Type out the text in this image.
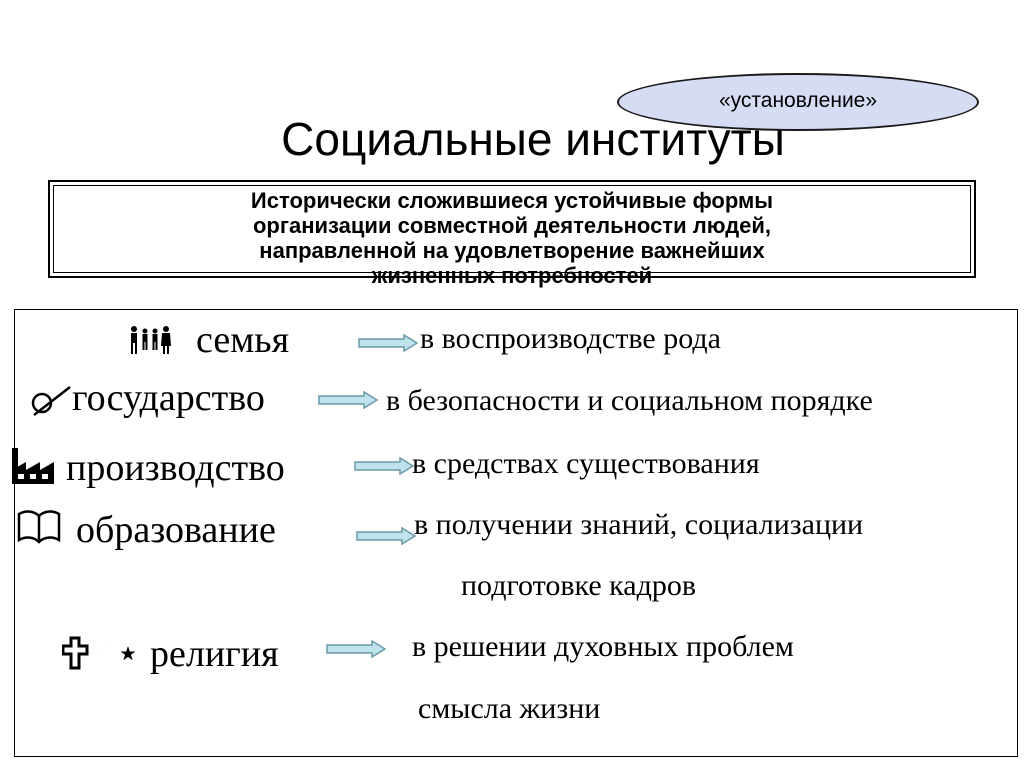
«установление»
Социальные институты
Исторически сложившиеся устойчивые формы
организации совместной деятельности людей,
направленной на удовлетворение важнейших
жизненных потребностей
семья	в воспроизводстве рода
государство	в безопасности и социальном порядке
производство	в средствах существования
образование	в получении знаний, социализации
подготовке кадров
религия	в решении духовных проблем
смысла жизни
